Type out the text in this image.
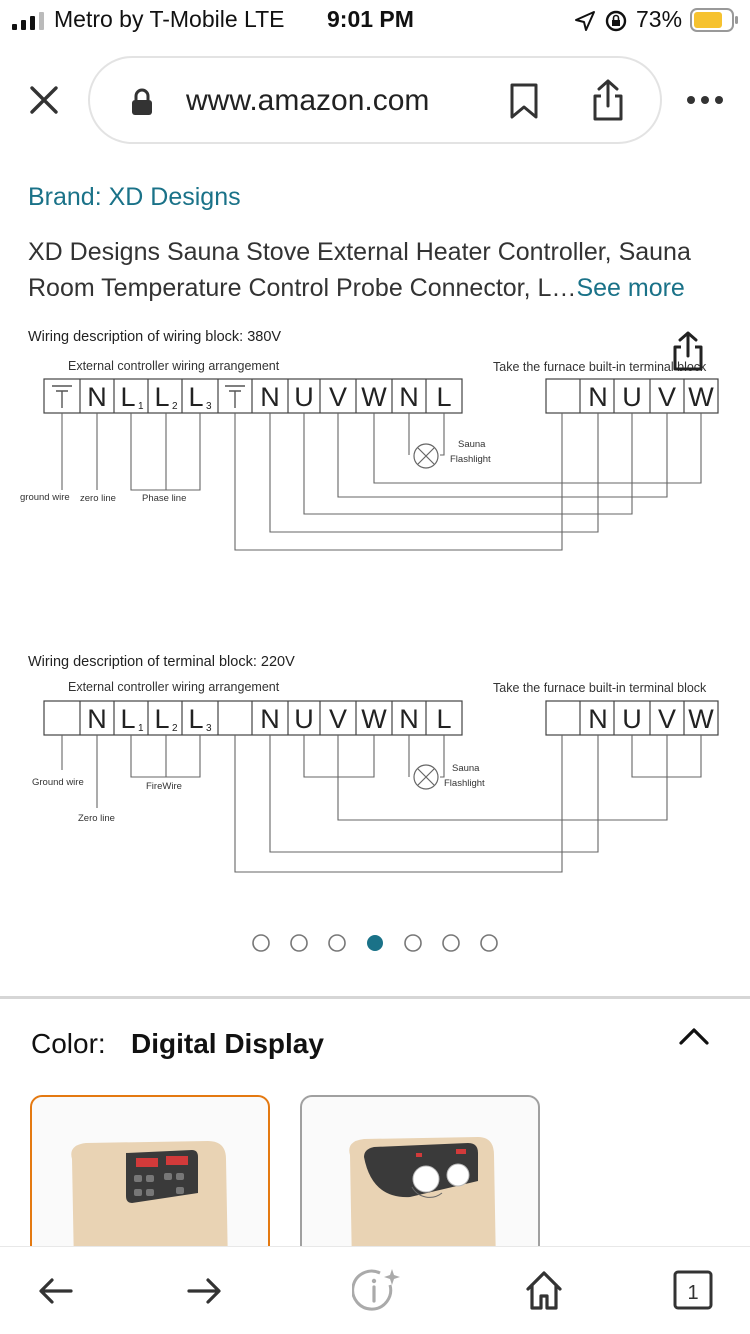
Metro by T-Mobile LTE 9:01 PM	73%
www.amazon.com
Brand: XD Designs
XD Designs Sauna Stove External Heater Controller, Sauna
Room Temperature Control Probe Connector, L…See more
Wiring description of wiring block: 380V
External controller wiring arrangement	Take the furnace built-in terminal block
N L L L N U V W N L
1	2	3	N U V W
ground wire zero line	Phase line
Sauna
Flashlight
Wiring description of terminal block: 220V
External controller wiring arrangement	Take the furnace built-in terminal block
N L L L N U V W N L
1	2	3	N U V W
Ground wire
Zero line
FireWire
Sauna
Flashlight
Color: Digital Display
1
